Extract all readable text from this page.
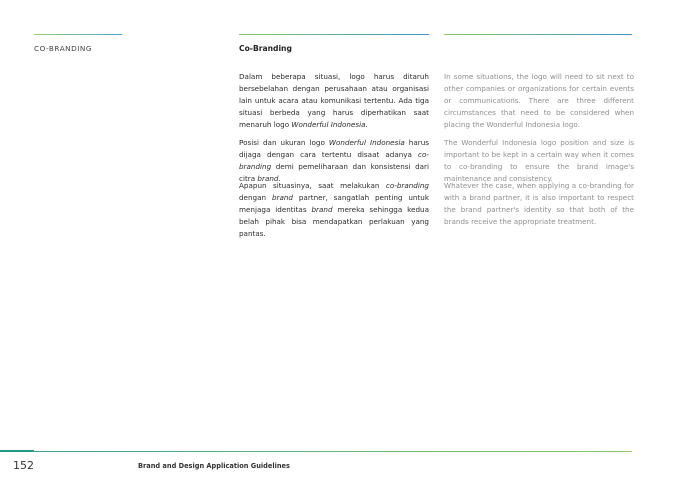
CO-BRANDING	Co-Branding

Dalam beberapa situasi, logo harus ditaruh bersebelahan dengan perusahaan atau organisasi lain untuk acara atau komunikasi tertentu. Ada tiga situasi berbeda yang harus diperhatikan saat menaruh logo Wonderful Indonesia.

Posisi dan ukuran logo Wonderful Indonesia harus dijaga dengan cara tertentu disaat adanya co-branding demi pemeliharaan dan konsistensi dari citra brand.

Apapun situasinya, saat melakukan co-branding dengan brand partner, sangatlah penting untuk menjaga identitas brand mereka sehingga kedua belah pihak bisa mendapatkan perlakuan yang pantas.

In some situations, the logo will need to sit next to other companies or organizations for certain events or communications. There are three different circumstances that need to be considered when placing the Wonderful Indonesia logo.

The Wonderful Indonesia logo position and size is important to be kept in a certain way when it comes to co-branding to ensure the brand image's maintenance and consistency.

Whatever the case, when applying a co-branding for with a brand partner, it is also important to respect the brand partner's identity so that both of the brands receive the appropriate treatment.

152	Brand and Design Application Guidelines
